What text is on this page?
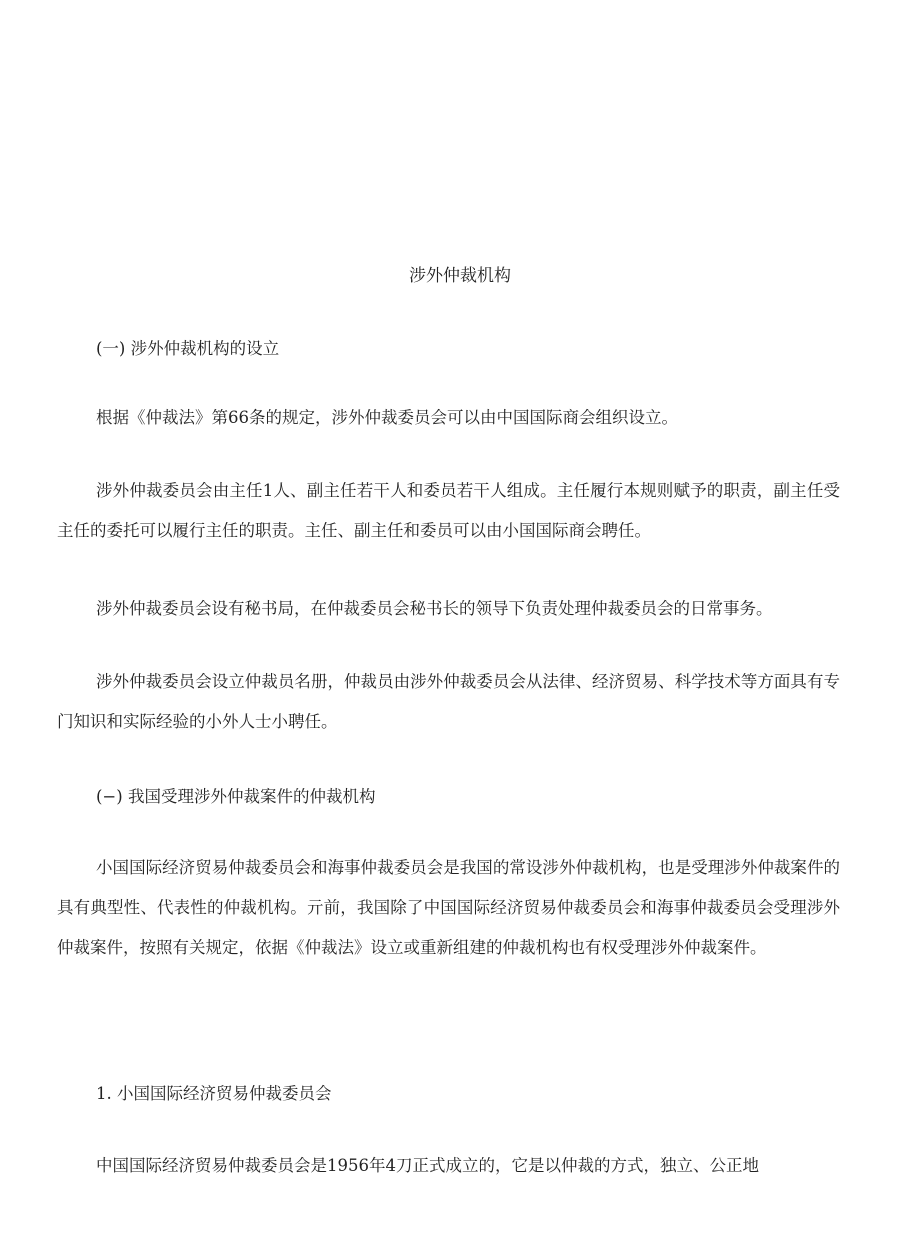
涉外仲裁机构
(一) 涉外仲裁机构的设立

根据《仲裁法》第66条的规定，涉外仲裁委员会可以由中国国际商会组织设立。

涉外仲裁委员会由主任1人、副主任若干人和委员若干人组成。主任履行本规则赋予的职责，副主任受主任的委托可以履行主任的职责。主任、副主任和委员可以由小国国际商会聘任。

涉外仲裁委员会设有秘书局，在仲裁委员会秘书长的领导下负责处理仲裁委员会的日常事务。

涉外仲裁委员会设立仲裁员名册，仲裁员由涉外仲裁委员会从法律、经济贸易、科学技术等方面具有专门知识和实际经验的小外人士小聘任。

(−) 我国受理涉外仲裁案件的仲裁机构

小国国际经济贸易仲裁委员会和海事仲裁委员会是我国的常设涉外仲裁机构，也是受理涉外仲裁案件的具有典型性、代表性的仲裁机构。亓前，我国除了中国国际经济贸易仲裁委员会和海事仲裁委员会受理涉外仲裁案件，按照有关规定，依据《仲裁法》设立或重新组建的仲裁机构也有权受理涉外仲裁案件。

1. 小国国际经济贸易仲裁委员会

中国国际经济贸易仲裁委员会是1956年4刀正式成立的，它是以仲裁的方式，独立、公正地
